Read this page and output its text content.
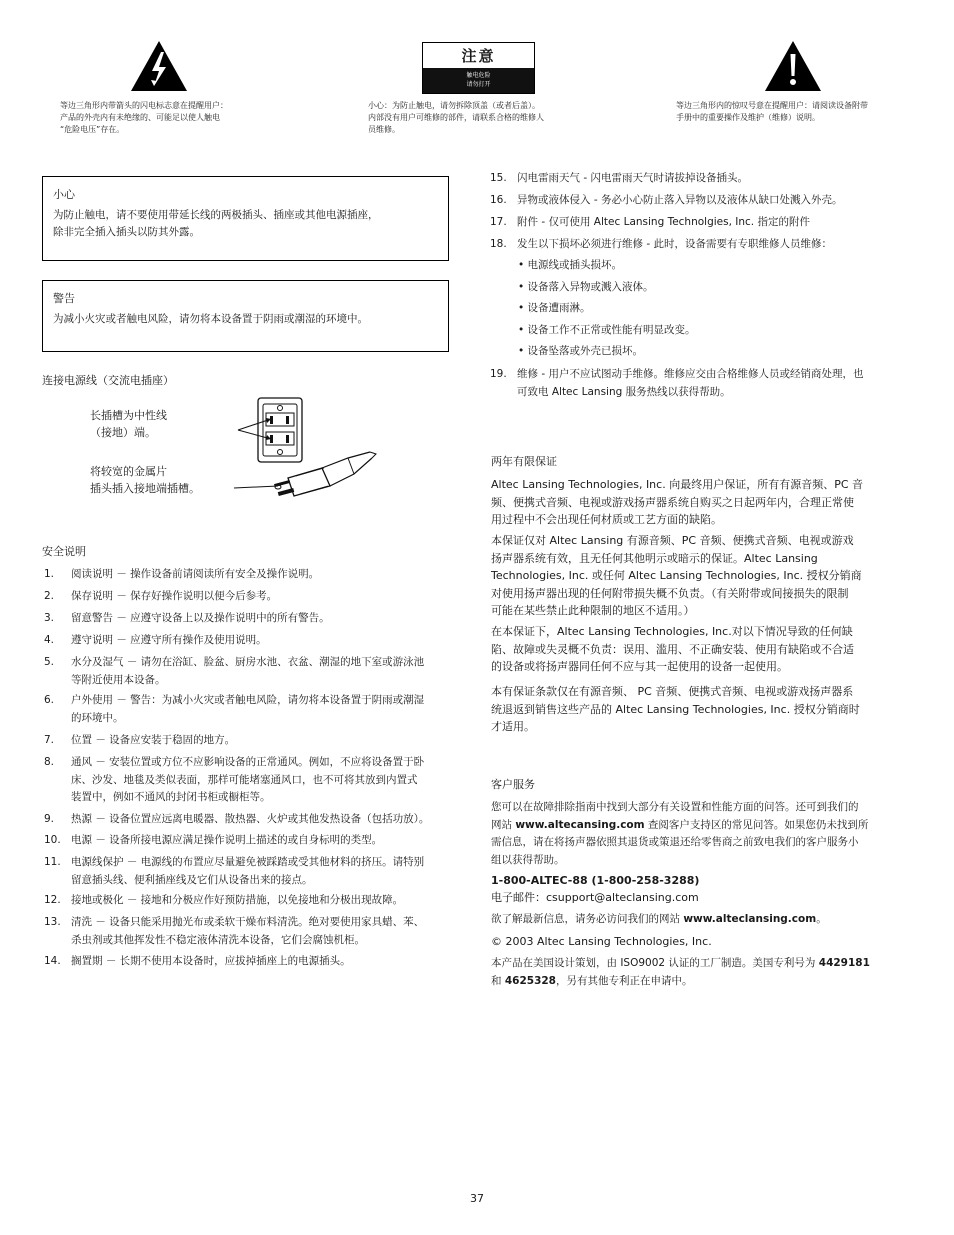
等边三角形内带箭头的闪电标志意在提醒用户：
产品的外壳内有未绝缘的、可能足以使人触电
“危险电压”存在。
注意
触电危险
请勿打开
小心：为防止触电，请勿拆除顶盖（或者后盖）。
内部没有用户可维修的部件，请联系合格的维修人
员维修。
等边三角形内的惊叹号意在提醒用户：请阅读设备附带
手册中的重要操作及维护（维修）说明。
小心
为防止触电，请不要使用带延长线的两极插头、插座或其他电源插座，
除非完全插入插头以防其外露。
警告
为减小火灾或者触电风险，请勿将本设备置于阴雨或潮湿的环境中。
连接电源线（交流电插座）
长插槽为中性线
（接地）端。
将较宽的金属片
插头插入接地端插槽。
安全说明
1.	阅读说明 － 操作设备前请阅读所有安全及操作说明。
2.	保存说明 － 保存好操作说明以便今后参考。
3.	留意警告 － 应遵守设备上以及操作说明中的所有警告。
4.	遵守说明 － 应遵守所有操作及使用说明。
5.	水分及湿气 － 请勿在浴缸、脸盆、厨房水池、衣盆、潮湿的地下室或游泳池
等附近使用本设备。
6.	户外使用 － 警告：为减小火灾或者触电风险，请勿将本设备置于阴雨或潮湿
的环境中。
7.	位置 － 设备应安装于稳固的地方。
8.	通风 － 安装位置或方位不应影响设备的正常通风。例如，不应将设备置于卧
床、沙发、地毯及类似表面，那样可能堵塞通风口，也不可将其放到内置式
装置中，例如不通风的封闭书柜或橱柜等。
9.	热源 － 设备位置应远离电暖器、散热器、火炉或其他发热设备（包括功放）。
10. 电源 － 设备所接电源应满足操作说明上描述的或自身标明的类型。
11. 电源线保护 － 电源线的布置应尽量避免被踩踏或受其他材料的挤压。请特别
留意插头线、便利插座线及它们从设备出来的接点。
12. 接地或极化 － 接地和分极应作好预防措施，以免接地和分极出现故障。
13. 清洗 － 设备只能采用抛光布或柔软干燥布料清洗。绝对要使用家具蜡、苯、
杀虫剂或其他挥发性不稳定液体清洗本设备，它们会腐蚀机柜。
14. 搁置期 － 长期不使用本设备时，应拔掉插座上的电源插头。
15. 闪电雷雨天气 - 闪电雷雨天气时请拔掉设备插头。
16. 异物或液体侵入 - 务必小心防止落入异物以及液体从缺口处溅入外壳。
17. 附件 - 仅可使用 Altec Lansing Technolgies, Inc. 指定的附件
18. 发生以下损坏必须进行维修 - 此时，设备需要有专职维修人员维修：
• 电源线或插头损坏。
• 设备落入异物或溅入液体。
• 设备遭雨淋。
• 设备工作不正常或性能有明显改变。
• 设备坠落或外壳已损坏。
19. 维修 - 用户不应试图动手维修。维修应交由合格维修人员或经销商处理，也
可致电 Altec Lansing 服务热线以获得帮助。
两年有限保证
Altec Lansing Technologies, Inc. 向最终用户保证，所有有源音频、PC 音
频、便携式音频、电视或游戏扬声器系统自购买之日起两年内，合理正常使
用过程中不会出现任何材质或工艺方面的缺陷。
本保证仅对 Altec Lansing 有源音频、PC 音频、便携式音频、电视或游戏
扬声器系统有效，且无任何其他明示或暗示的保证。Altec Lansing
Technologies, Inc. 或任何 Altec Lansing Technologies, Inc. 授权分销商
对使用扬声器出现的任何附带损失概不负责。（有关附带或间接损失的限制
可能在某些禁止此种限制的地区不适用。）
在本保证下，Altec Lansing Technologies, Inc.对以下情况导致的任何缺
陷、故障或失灵概不负责：误用、滥用、不正确安装、使用有缺陷或不合适
的设备或将扬声器同任何不应与其一起使用的设备一起使用。
本有保证条款仅在有源音频、 PC 音频、便携式音频、电视或游戏扬声器系
统退返到销售这些产品的 Altec Lansing Technologies, Inc. 授权分销商时
才适用。
客户服务
您可以在故障排除指南中找到大部分有关设置和性能方面的问答。还可到我们的
网站 www.altecansing.com 查阅客户支持区的常见问答。如果您仍未找到所
需信息，请在将扬声器依照其退货或策退还给零售商之前致电我们的客户服务小
组以获得帮助。
1-800-ALTEC-88 (1-800-258-3288)
电子邮件：csupport@alteclansing.com
欲了解最新信息，请务必访问我们的网站 www.alteclansing.com。
© 2003 Altec Lansing Technologies, Inc.
本产品在美国设计策划，由 ISO9002 认证的工厂制造。美国专利号为 4429181
和 4625328，另有其他专利正在申请中。
37
